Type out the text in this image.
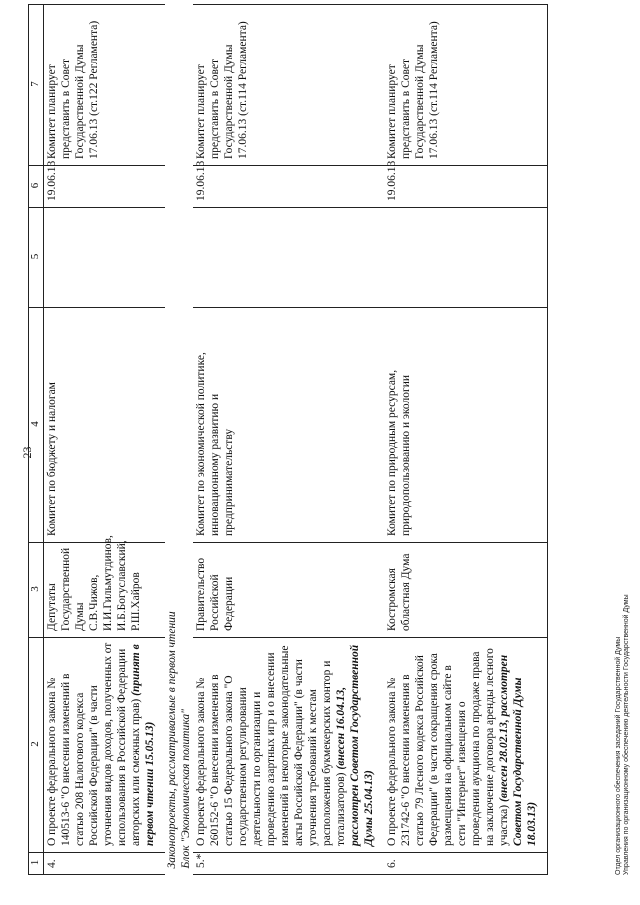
23
1	2	3	4	5	6	7
4.	О проекте федерального закона № 140513-6 "О внесении изменений в статью 208 Налогового кодекса Российской Федерации" (в части уточнения видов доходов, полученных от использования в Российской Федерации авторских или смежных прав) (принят в первом чтении 15.05.13)	Депутаты Государственной Думы С.В.Чижов, И.И.Гильмутдинов, И.Б.Богуславский, Р.Ш.Хайров	Комитет по бюджету и налогам		19.06.13	Комитет планирует представить в Совет Государственной Думы 17.06.13 (ст.122 Регламента)
Законопроекты, рассматриваемые в первом чтении						
Блок "Экономическая политика"						
5.*	О проекте федерального закона № 260152-6 "О внесении изменения в статью 15 Федерального закона "О государственном регулировании деятельности по организации и проведению азартных игр и о внесении изменений в некоторые законодательные акты Российской Федерации" (в части уточнения требований к местам расположения букмекерских контор и тотализаторов) (внесен 16.04.13, рассмотрен Советом Государственной Думы 25.04.13)	Правительство Российской Федерации	Комитет по экономической политике, инновационному развитию и предпринимательству		19.06.13	Комитет планирует представить в Совет Государственной Думы 17.06.13 (ст.114 Регламента)
6.	О проекте федерального закона № 231742-6 "О внесении изменения в статью 79 Лесного кодекса Российской Федерации" (в части сокращения срока размещения на официальном сайте в сети "Интернет" извещения о проведении аукциона по продаже права на заключение договора аренды лесного участка) (внесен 28.02.13, рассмотрен Советом Государственной Думы 18.03.13)	Костромская областная Дума	Комитет по природным ресурсам, природопользованию и экологии		19.06.13	Комитет планирует представить в Совет Государственной Думы 17.06.13 (ст.114 Регламента)
Отдел организационного обеспечения заседаний Государственной Думы Управления по организационному обеспечению деятельности Государственной Думы
